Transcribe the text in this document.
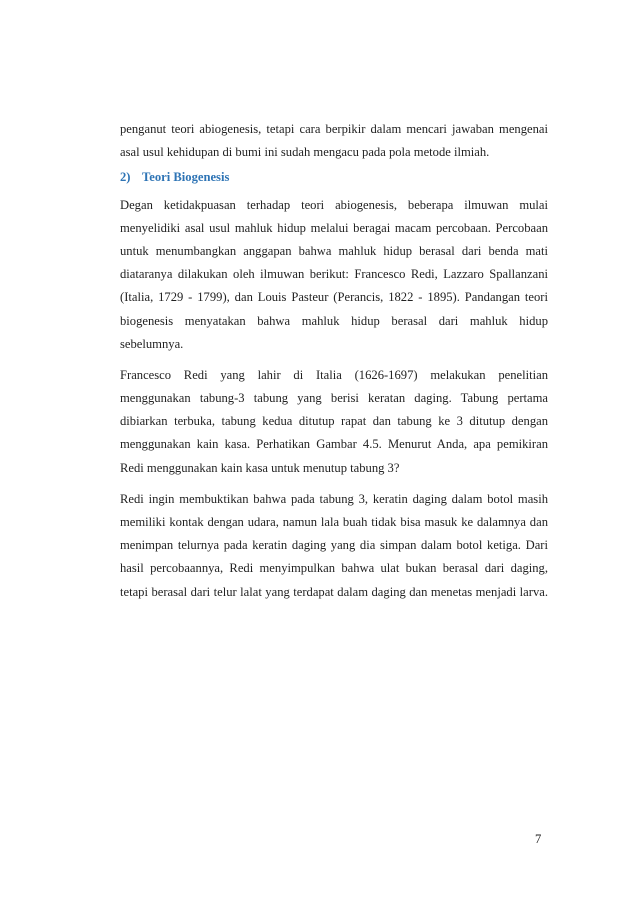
penganut teori abiogenesis, tetapi cara berpikir dalam mencari jawaban mengenai
asal usul kehidupan di bumi ini sudah mengacu pada pola metode ilmiah.

2) Teori Biogenesis

Degan ketidakpuasan terhadap teori abiogenesis, beberapa ilmuwan mulai
menyelidiki asal usul mahluk hidup melalui beragai macam percobaan. Percobaan
untuk menumbangkan anggapan bahwa mahluk hidup berasal dari benda mati
diataranya dilakukan oleh ilmuwan berikut: Francesco Redi, Lazzaro Spallanzani
(Italia, 1729 - 1799), dan Louis Pasteur (Perancis, 1822 - 1895). Pandangan teori
biogenesis menyatakan bahwa mahluk hidup berasal dari mahluk hidup
sebelumnya.

Francesco Redi yang lahir di Italia (1626-1697) melakukan penelitian
menggunakan tabung-3 tabung yang berisi keratan daging. Tabung pertama
dibiarkan terbuka, tabung kedua ditutup rapat dan tabung ke 3 ditutup dengan
menggunakan kain kasa. Perhatikan Gambar 4.5. Menurut Anda, apa pemikiran
Redi menggunakan kain kasa untuk menutup tabung 3?

Redi ingin membuktikan bahwa pada tabung 3, keratin daging dalam botol masih
memiliki kontak dengan udara, namun lala buah tidak bisa masuk ke dalamnya dan
menimpan telurnya pada keratin daging yang dia simpan dalam botol ketiga. Dari
hasil percobaannya, Redi menyimpulkan bahwa ulat bukan berasal dari daging,
tetapi berasal dari telur lalat yang terdapat dalam daging dan menetas menjadi larva.

7
